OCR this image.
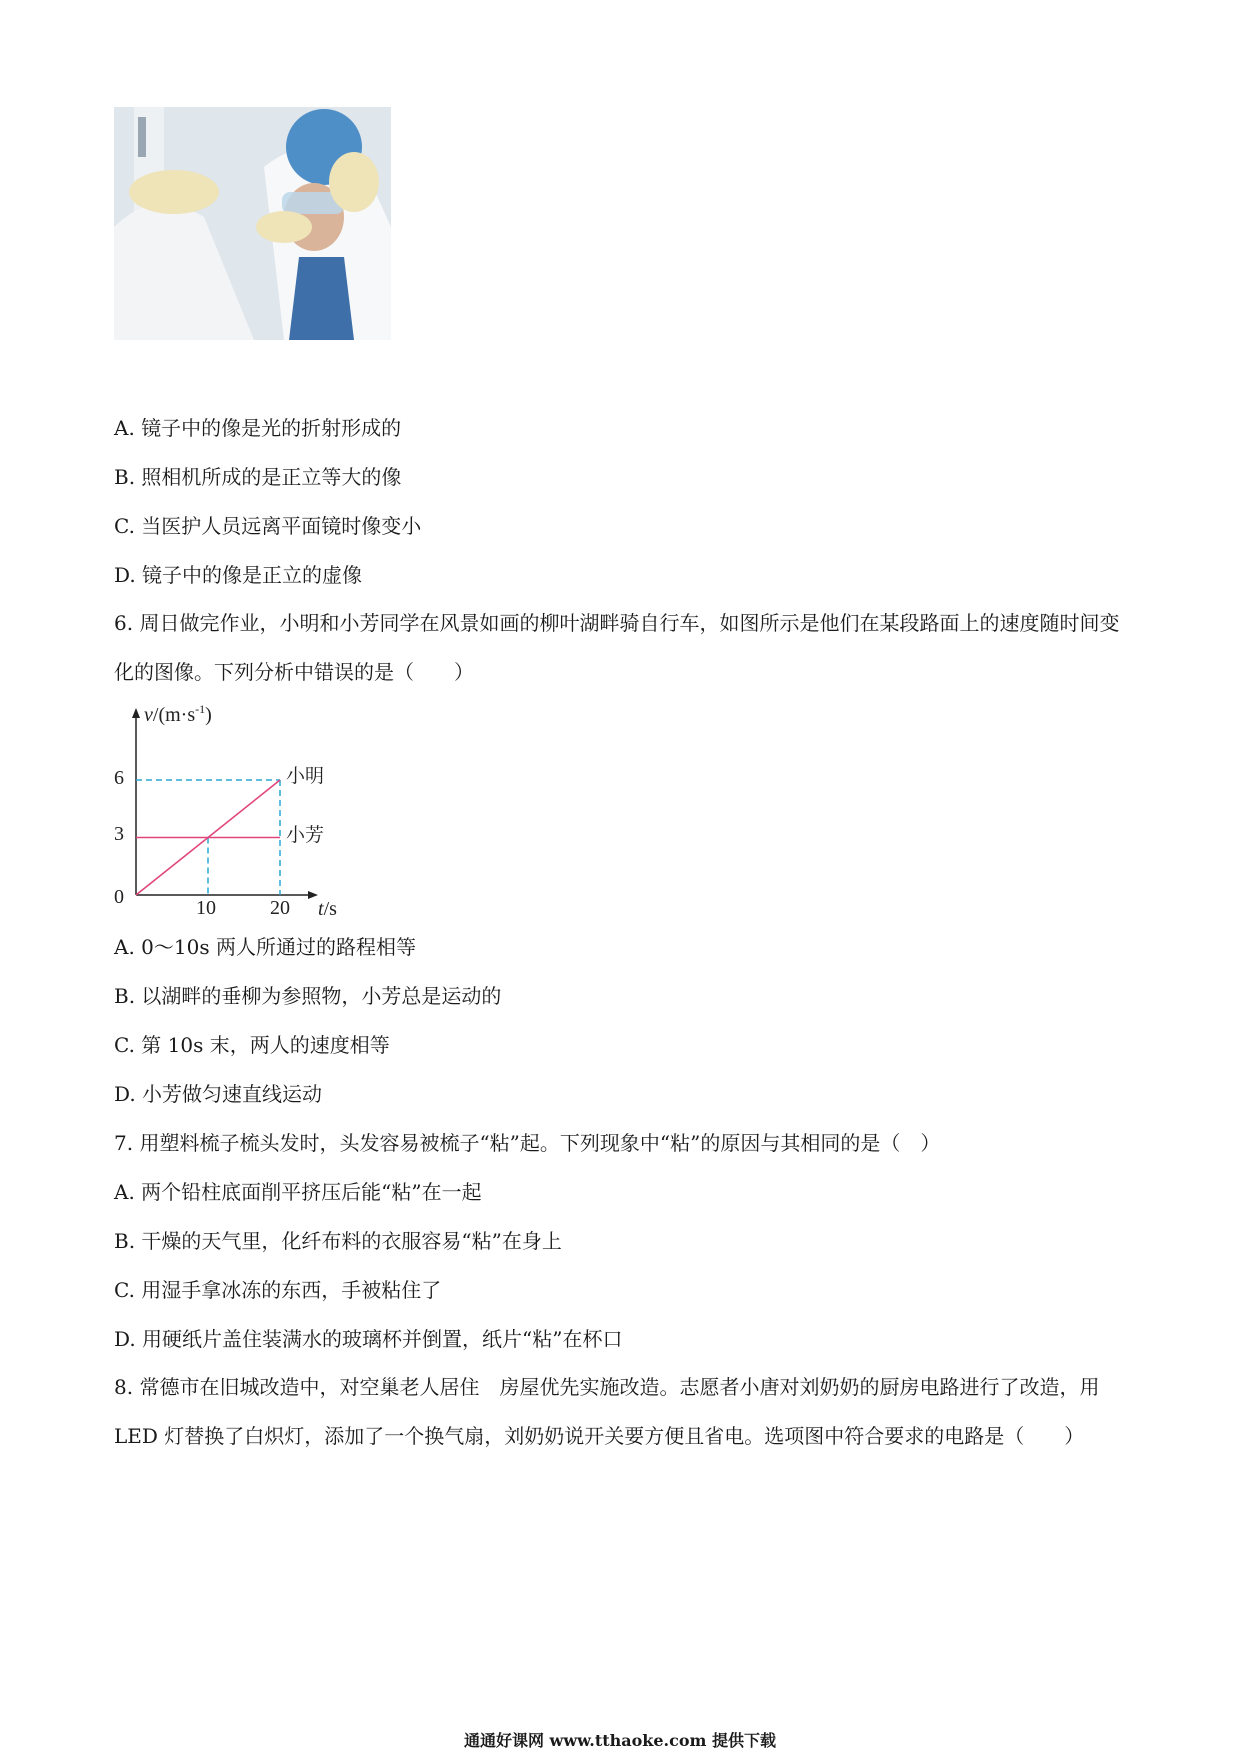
A. 镜子中的像是光的折射形成的
B. 照相机所成的是正立等大的像
C. 当医护人员远离平面镜时像变小
D. 镜子中的像是正立的虚像
6. 周日做完作业，小明和小芳同学在风景如画的柳叶湖畔骑自行车，如图所示是他们在某段路面上的速度随时间变化的图像。下列分析中错误的是（　　）
$v/(m\cdot s^{-1})$
t/s
0	10	20
3
6	小明
小芳
A. 0～10s 两人所通过的路程相等
B. 以湖畔的垂柳为参照物，小芳总是运动的
C. 第 10s 末，两人的速度相等
D. 小芳做匀速直线运动
7. 用塑料梳子梳头发时，头发容易被梳子“粘”起。下列现象中“粘”的原因与其相同的是（　）
A. 两个铅柱底面削平挤压后能“粘”在一起
B. 干燥的天气里，化纤布料的衣服容易“粘”在身上
C. 用湿手拿冰冻的东西，手被粘住了
D. 用硬纸片盖住装满水的玻璃杯并倒置，纸片“粘”在杯口
8. 常德市在旧城改造中，对空巢老人居住　房屋优先实施改造。志愿者小唐对刘奶奶的厨房电路进行了改造，用 LED 灯替换了白炽灯，添加了一个换气扇，刘奶奶说开关要方便且省电。选项图中符合要求的电路是（　　）
通通好课网 www.tthaoke.com 提供下载
